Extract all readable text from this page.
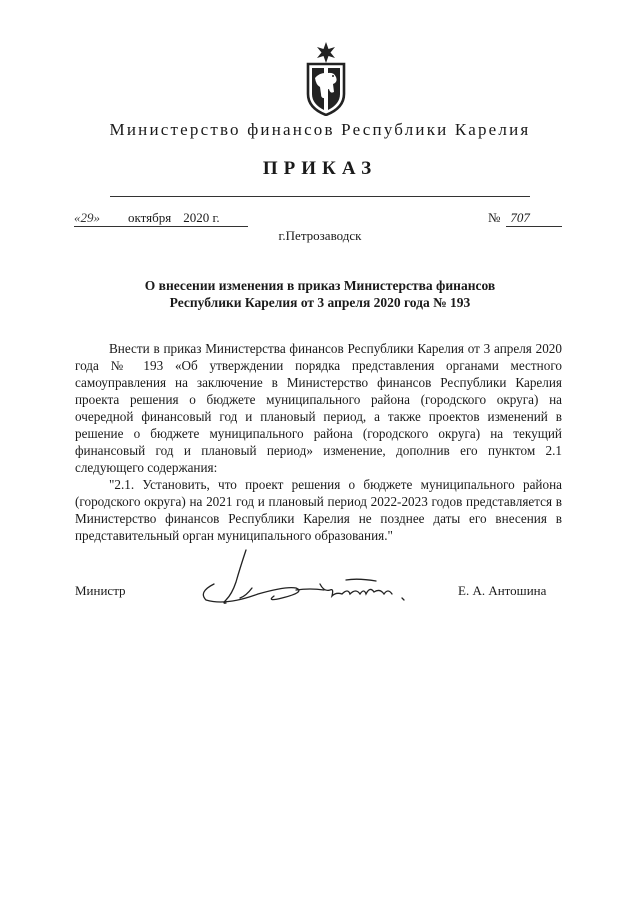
Министерство финансов Республики Карелия
ПРИКАЗ
«29» октября 2020 г.	№ 707
г.Петрозаводск
О внесении изменения в приказ Министерства финансов
Республики Карелия от 3 апреля 2020 года № 193

Внести в приказ Министерства финансов Республики Карелия от 3 апреля 2020 года № 193 «Об утверждении порядка представления органами местного самоуправления на заключение в Министерство финансов Республики Карелия проекта решения о бюджете муниципального района (городского округа) на очередной финансовый год и плановый период, а также проектов изменений в решение о бюджете муниципального района (городского округа) на текущий финансовый год и плановый период» изменение, дополнив его пунктом 2.1 следующего содержания:

"2.1. Установить, что проект решения о бюджете муниципального района (городского округа) на 2021 год и плановый период 2022-2023 годов представляется в Министерство финансов Республики Карелия не позднее даты его внесения в представительный орган муниципального образования."

Министр	Е. А. Антошина
